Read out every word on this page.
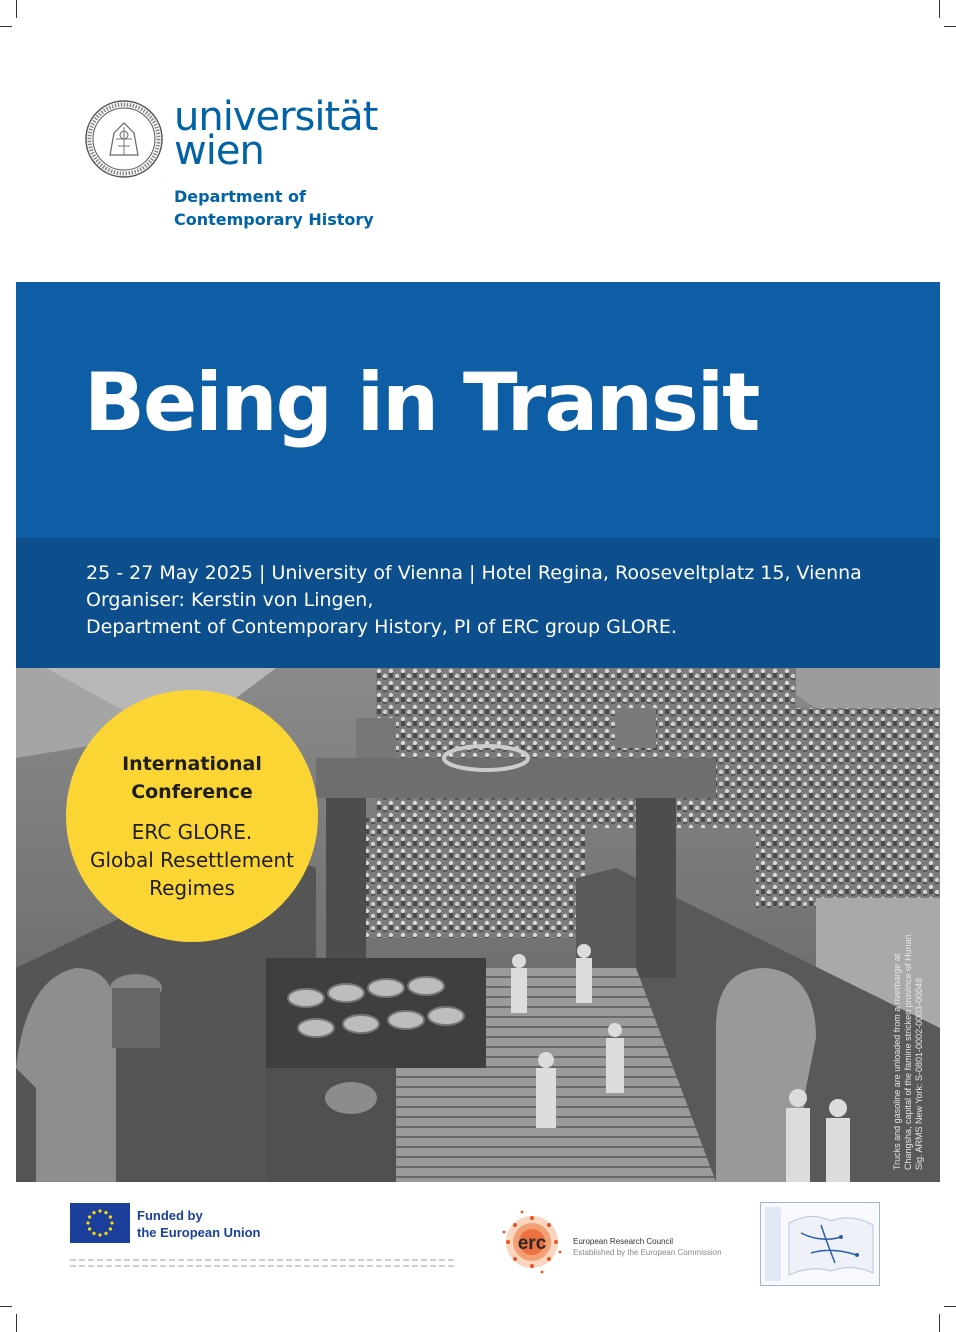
universität
wien
Department of
Contemporary History
Being in Transit
25 - 27 May 2025 | University of Vienna | Hotel Regina, Rooseveltplatz 15, Vienna
Organiser: Kerstin von Lingen,
Department of Contemporary History, PI of ERC group GLORE.
Trucks and gasoline are unloaded from a riverbarge at Changsha, capital of the famine stricken province of Hunan. Sig. ARMS New York: S-0801-0002-0003-00048
International
Conference
ERC GLORE.
Global Resettlement
Regimes
Funded by
the European Union
erc	European Research Council
Established by the European Commission
